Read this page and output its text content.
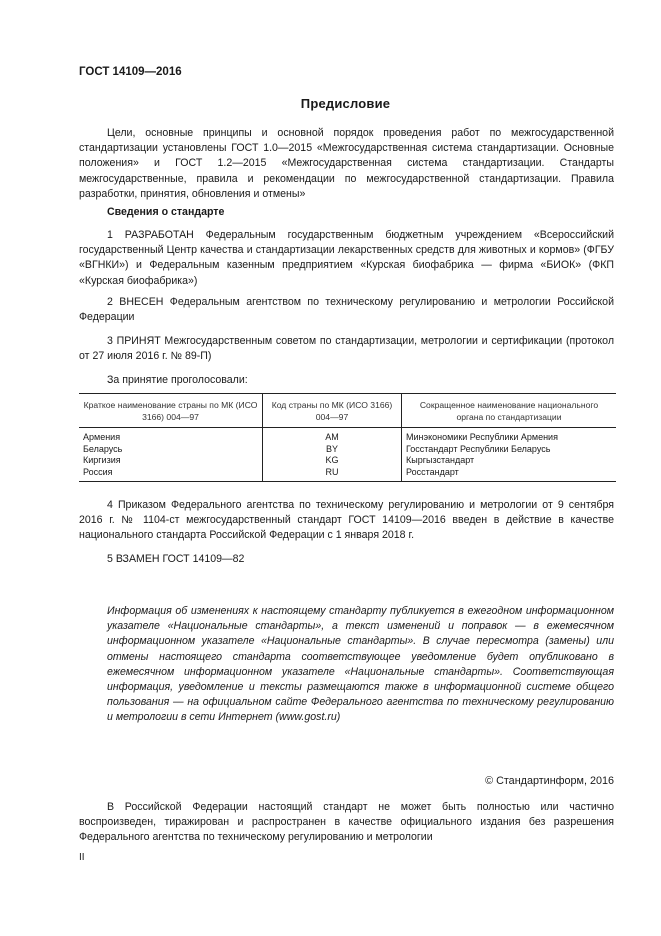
ГОСТ 14109—2016
Предисловие

Цели, основные принципы и основной порядок проведения работ по межгосударственной стандартизации установлены ГОСТ 1.0—2015 «Межгосударственная система стандартизации. Основные положения» и ГОСТ 1.2—2015 «Межгосударственная система стандартизации. Стандарты межгосударственные, правила и рекомендации по межгосударственной стандартизации. Правила разработки, принятия, обновления и отмены»

Сведения о стандарте

1 РАЗРАБОТАН Федеральным государственным бюджетным учреждением «Всероссийский государственный Центр качества и стандартизации лекарственных средств для животных и кормов» (ФГБУ «ВГНКИ») и Федеральным казенным предприятием «Курская биофабрика — фирма «БИОК» (ФКП «Курская биофабрика»)

2 ВНЕСЕН Федеральным агентством по техническому регулированию и метрологии Российской Федерации

3 ПРИНЯТ Межгосударственным советом по стандартизации, метрологии и сертификации (протокол от 27 июля 2016 г. № 89-П)

За принятие проголосовали:
Краткое наименование страны по МК (ИСО 3166) 004—97	Код страны по МК (ИСО 3166) 004—97	Сокращенное наименование национального органа по стандартизации
Армения	AM	Минэкономики Республики Армения
Беларусь	BY	Госстандарт Республики Беларусь
Киргизия	KG	Кыргызстандарт
Россия	RU	Росстандарт

4 Приказом Федерального агентства по техническому регулированию и метрологии от 9 сентября 2016 г. № 1104-ст межгосударственный стандарт ГОСТ 14109—2016 введен в действие в качестве национального стандарта Российской Федерации с 1 января 2018 г.

5 ВЗАМЕН ГОСТ 14109—82

Информация об изменениях к настоящему стандарту публикуется в ежегодном информационном указателе «Национальные стандарты», а текст изменений и поправок — в ежемесячном информационном указателе «Национальные стандарты». В случае пересмотра (замены) или отмены настоящего стандарта соответствующее уведомление будет опубликовано в ежемесячном информационном указателе «Национальные стандарты». Соответствующая информация, уведомление и тексты размещаются также в информационной системе общего пользования — на официальном сайте Федерального агентства по техническому регулированию и метрологии в сети Интернет (www.gost.ru)

© Стандартинформ, 2016

В Российской Федерации настоящий стандарт не может быть полностью или частично воспроизведен, тиражирован и распространен в качестве официального издания без разрешения Федерального агентства по техническому регулированию и метрологии

II
